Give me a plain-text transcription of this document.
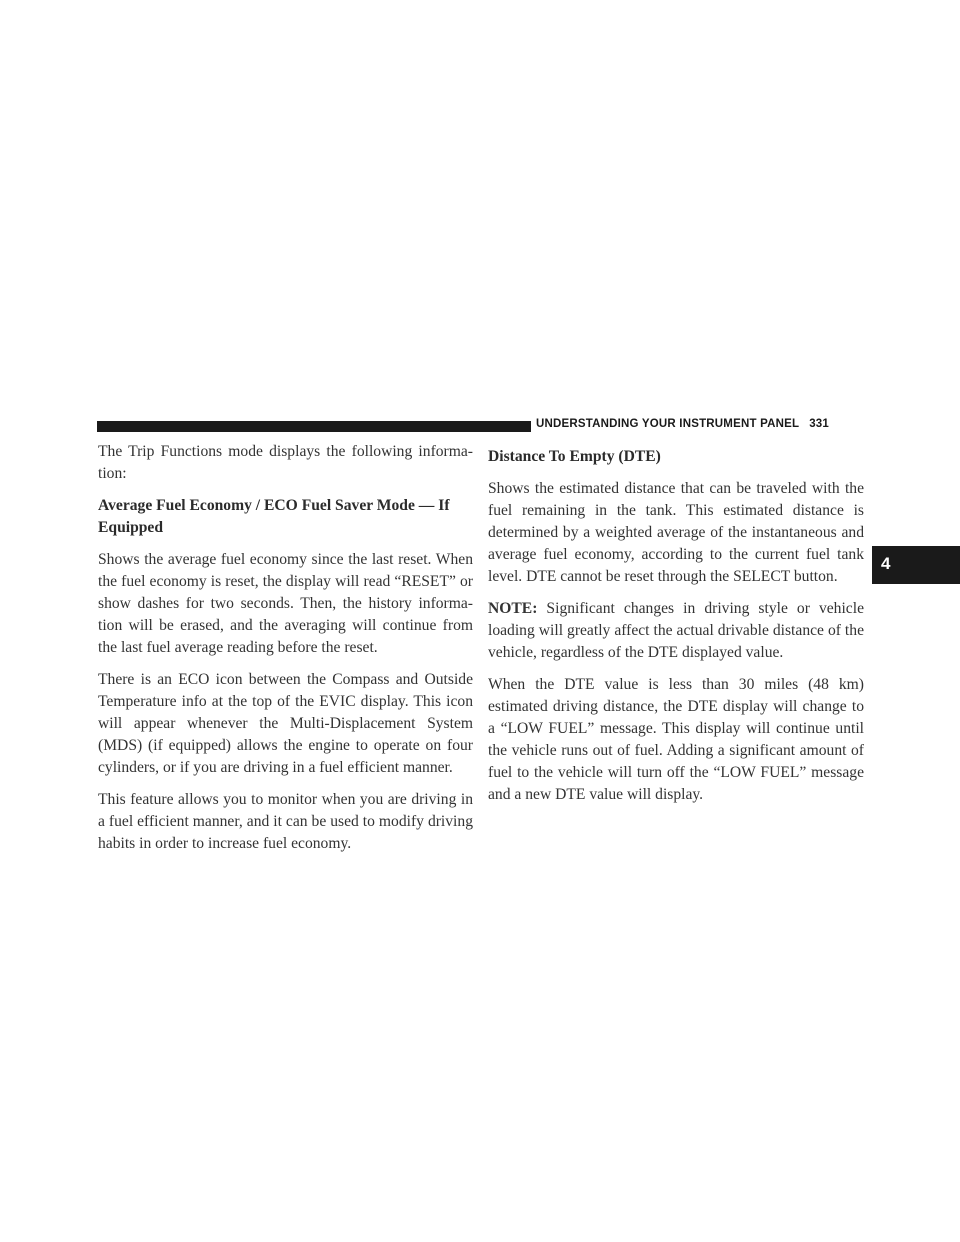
UNDERSTANDING YOUR INSTRUMENT PANEL 331
4

The Trip Functions mode displays the following informa-tion:

Average Fuel Economy / ECO Fuel Saver Mode — If Equipped

Shows the average fuel economy since the last reset. When the fuel economy is reset, the display will read “RESET” or show dashes for two seconds. Then, the history informa-tion will be erased, and the averaging will continue from the last fuel average reading before the reset.

There is an ECO icon between the Compass and Outside Temperature info at the top of the EVIC display. This icon will appear whenever the Multi-Displacement System (MDS) (if equipped) allows the engine to operate on four cylinders, or if you are driving in a fuel efficient manner.

This feature allows you to monitor when you are driving in a fuel efficient manner, and it can be used to modify driving habits in order to increase fuel economy.

Distance To Empty (DTE)

Shows the estimated distance that can be traveled with the fuel remaining in the tank. This estimated distance is determined by a weighted average of the instantaneous and average fuel economy, according to the current fuel tank level. DTE cannot be reset through the SELECT button.

NOTE: Significant changes in driving style or vehicle loading will greatly affect the actual drivable distance of the vehicle, regardless of the DTE displayed value.

When the DTE value is less than 30 miles (48 km) estimated driving distance, the DTE display will change to a “LOW FUEL” message. This display will continue until the vehicle runs out of fuel. Adding a significant amount of fuel to the vehicle will turn off the “LOW FUEL” message and a new DTE value will display.
